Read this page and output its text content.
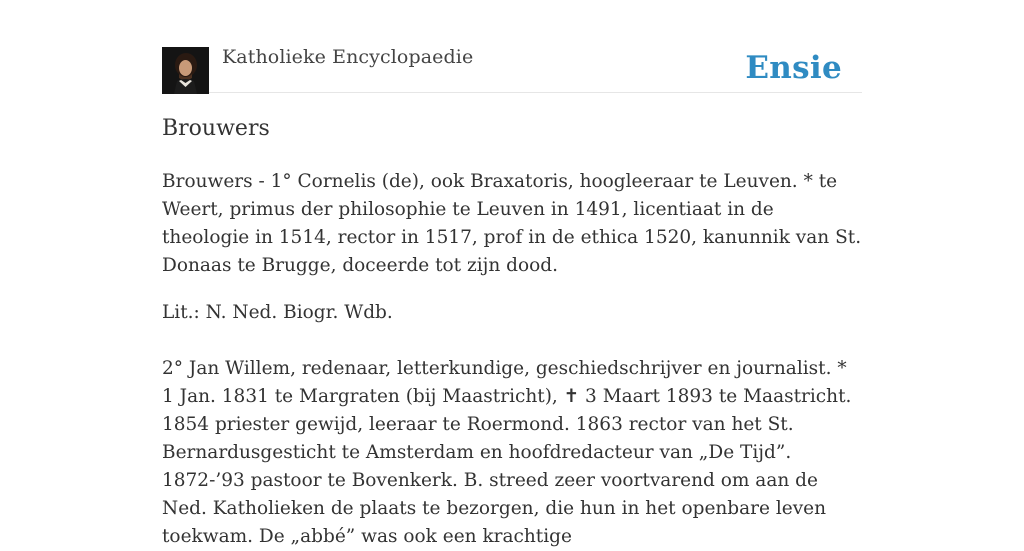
Katholieke Encyclopaedie	Ensie
Brouwers

Brouwers - 1° Cornelis (de), ook Braxatoris, hoogleeraar te Leuven. * te Weert, primus der philosophie te Leuven in 1491, licentiaat in de theologie in 1514, rector in 1517, prof in de ethica 1520, kanunnik van St. Donaas te Brugge, doceerde tot zijn dood.

Lit.: N. Ned. Biogr. Wdb.

2° Jan Willem, redenaar, letterkundige, geschiedschrijver en journalist. * 1 Jan. 1831 te Margraten (bij Maastricht), ✝ 3 Maart 1893 te Maastricht. 1854 priester gewijd, leeraar te Roermond. 1863 rector van het St. Bernardusgesticht te Amsterdam en hoofdredacteur van „De Tijd”. 1872-’93 pastoor te Bovenkerk. B. streed zeer voortvarend om aan de Ned. Katholieken de plaats te bezorgen, die hun in het openbare leven toekwam. De „abbé” was ook een krachtige
